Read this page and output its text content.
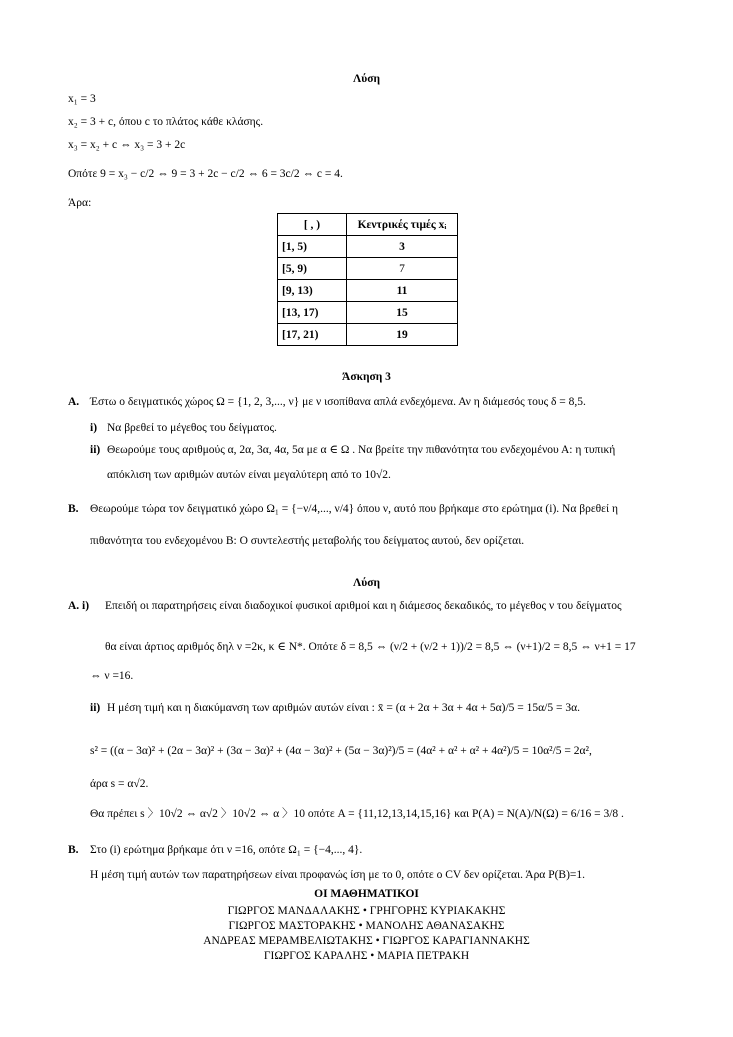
Λύση
x₁ = 3
x₂ = 3 + c, όπου c το πλάτος κάθε κλάσης.
x₃ = x₂ + c ⇔ x₃ = 3 + 2c
Οπότε 9 = x₃ − c/2 ⇔ 9 = 3 + 2c − c/2 ⇔ 6 = 3c/2 ⇔ c = 4.
Άρα:
[ , )	Κεντρικές τιμές xᵢ
[1, 5)	3
[5, 9)	7
[9, 13)	11
[13, 17)	15
[17, 21)	19
Άσκηση 3
A. Έστω ο δειγματικός χώρος Ω = {1, 2, 3,..., ν} με ν ισοπίθανα απλά ενδεχόμενα. Αν η διάμεσός τους δ = 8,5.
i) Να βρεθεί το μέγεθος του δείγματος.
ii) Θεωρούμε τους αριθμούς α, 2α, 3α, 4α, 5α με α ∈ Ω . Να βρείτε την πιθανότητα του ενδεχομένου Α: η τυπική
απόκλιση των αριθμών αυτών είναι μεγαλύτερη από το 10√2.
B. Θεωρούμε τώρα τον δειγματικό χώρο Ω₁ = {−ν/4,..., ν/4} όπου ν, αυτό που βρήκαμε στο ερώτημα (i). Να βρεθεί η
πιθανότητα του ενδεχομένου Β: Ο συντελεστής μεταβολής του δείγματος αυτού, δεν ορίζεται.
Λύση
A. i) Επειδή οι παρατηρήσεις είναι διαδοχικοί φυσικοί αριθμοί και η διάμεσος δεκαδικός, το μέγεθος ν του δείγματος
θα είναι άρτιος αριθμός δηλ ν =2κ, κ ∈ N*. Οπότε δ = 8,5 ⇔ (ν/2 + (ν/2 + 1))/2 = 8,5 ⇔ (ν+1)/2 = 8,5 ⇔ ν+1 = 17
⇔ ν =16.
ii) Η μέση τιμή και η διακύμανση των αριθμών αυτών είναι : x̄ = (α + 2α + 3α + 4α + 5α)/5 = 15α/5 = 3α.
s² = ((α − 3α)² + (2α − 3α)² + (3α − 3α)² + (4α − 3α)² + (5α − 3α)²)/5 = (4α² + α² + α² + 4α²)/5 = 10α²/5 = 2α²,
άρα s = α√2.
Θα πρέπει s 〉10√2 ⇔ α√2 〉10√2 ⇔ α 〉10 οπότε A = {11,12,13,14,15,16} και P(A) = N(A)/N(Ω) = 6/16 = 3/8 .
B. Στο (i) ερώτημα βρήκαμε ότι ν =16, οπότε Ω₁ = {−4,..., 4}.
Η μέση τιμή αυτών των παρατηρήσεων είναι προφανώς ίση με το 0, οπότε ο CV δεν ορίζεται. Άρα P(B)=1.
ΟΙ ΜΑΘΗΜΑΤΙΚΟΙ
ΓΙΩΡΓΟΣ ΜΑΝΔΑΛΑΚΗΣ • ΓΡΗΓΟΡΗΣ ΚΥΡΙΑΚΑΚΗΣ
ΓΙΩΡΓΟΣ ΜΑΣΤΟΡΑΚΗΣ • ΜΑΝΟΛΗΣ ΑΘΑΝΑΣΑΚΗΣ
ΑΝΔΡΕΑΣ ΜΕΡΑΜΒΕΛΙΩΤΑΚΗΣ • ΓΙΩΡΓΟΣ ΚΑΡΑΓΙΑΝΝΑΚΗΣ
ΓΙΩΡΓΟΣ ΚΑΡΑΛΗΣ • ΜΑΡΙΑ ΠΕΤΡΑΚΗ
